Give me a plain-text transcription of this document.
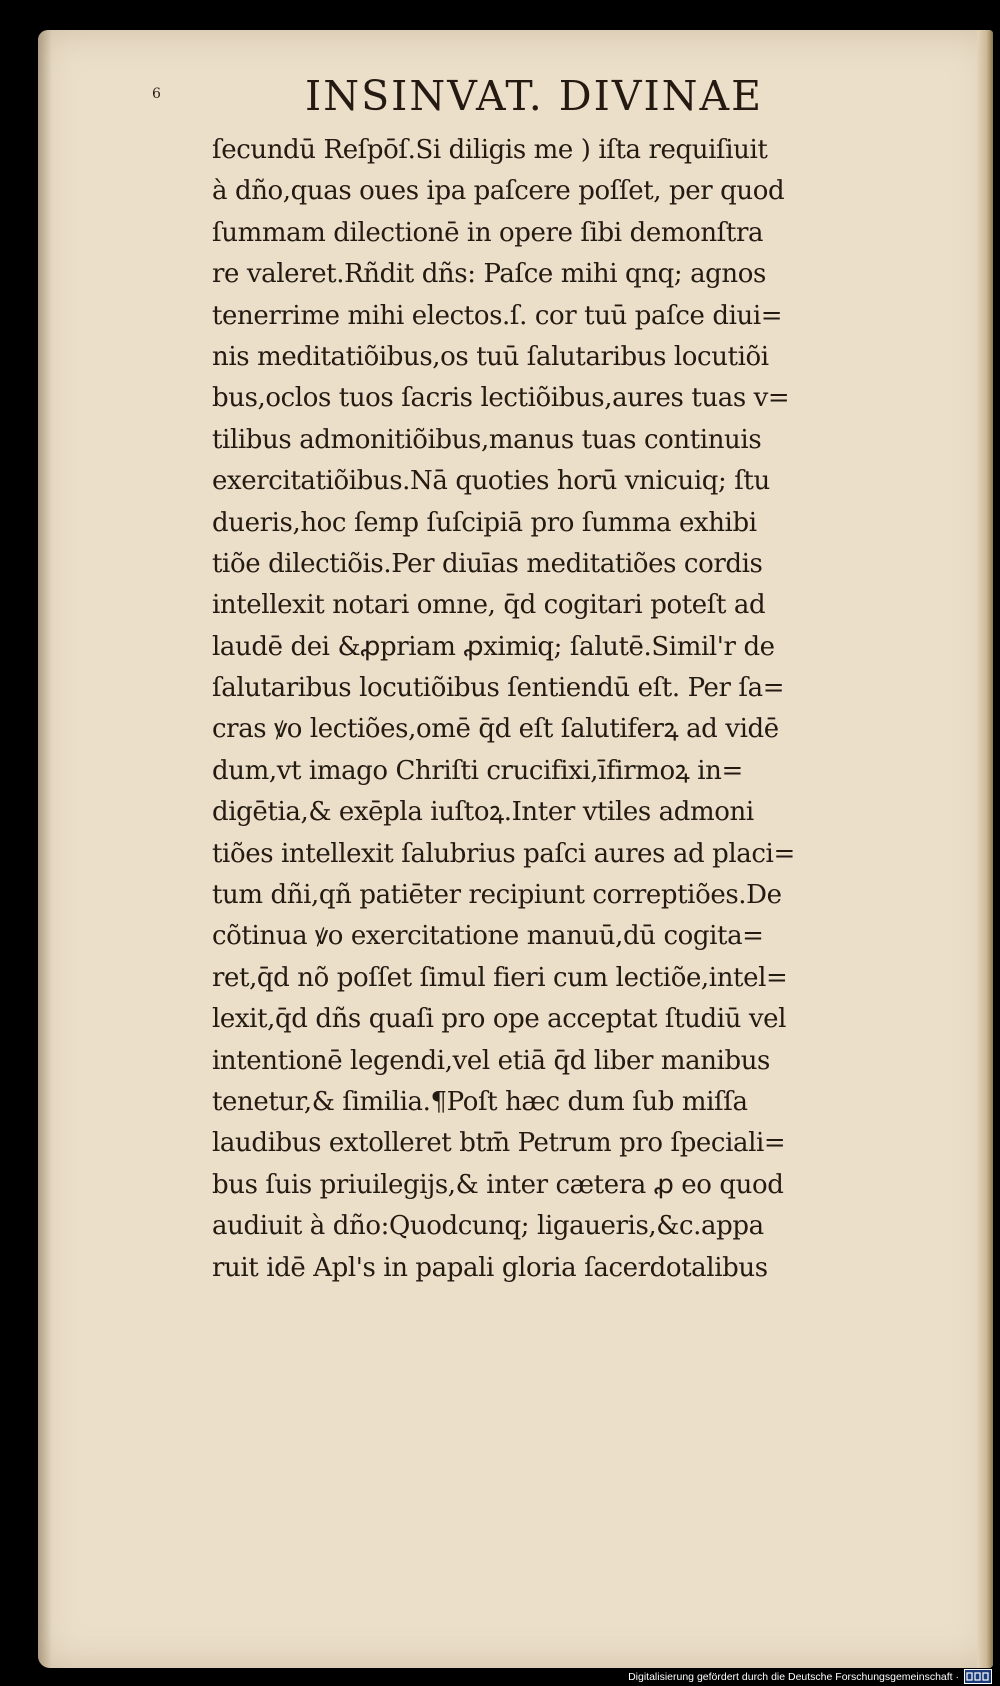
6	INSINVAT. DIVINAE
ſecundū Reſpōſ.Si diligis me ) iſta requiſiuit
à dño,quas oues ipa paſcere poſſet, per quod
ſummam dilectionē in opere ſibi demonſtra
re valeret.Rñdit dñs: Paſce mihi qnq; agnos
tenerrime mihi electos.ſ. cor tuū paſce diui=
nis meditatiõibus,os tuū ſalutaribus locutiõi
bus,oclos tuos ſacris lectiõibus,aures tuas v=
tilibus admonitiõibus,manus tuas continuis
exercitatiõibus.Nā quoties horū vnicuiq; ſtu
dueris,hoc ſemp ſuſcipiā pro ſumma exhibi
tiõe dilectiõis.Per diuīas meditatiões cordis
intellexit notari omne, q̄d cogitari poteſt ad
laudē dei &ꝓpriam ꝓximiq; ſalutē.Simil'r de
ſalutaribus locutiõibus ſentiendū eſt. Per ſa=
cras ꝟo lectiões,omē q̄d eſt ſalutiferꝝ ad vidē
dum,vt imago Chriſti crucifixi,īfirmoꝝ in=
digētia,& exēpla iuſtoꝝ.Inter vtiles admoni
tiões intellexit ſalubrius paſci aures ad placi=
tum dñi,qñ patiēter recipiunt correptiões.De
cõtinua ꝟo exercitatione manuū,dū cogita=
ret,q̄d nõ poſſet ſimul fieri cum lectiõe,intel=
lexit,q̄d dñs quaſi pro ope acceptat ſtudiū vel
intentionē legendi,vel etiā q̄d liber manibus
tenetur,& ſimilia.¶Poſt hæc dum ſub miſſa
laudibus extolleret btm̄ Petrum pro ſpeciali=
bus ſuis priuilegijs,& inter cætera ꝓ eo quod
audiuit à dño:Quodcunq; ligaueris,&c.appa
ruit idē Apl's in papali gloria ſacerdotalibus
Digitalisierung gefördert durch die Deutsche Forschungsgemeinschaft ·
